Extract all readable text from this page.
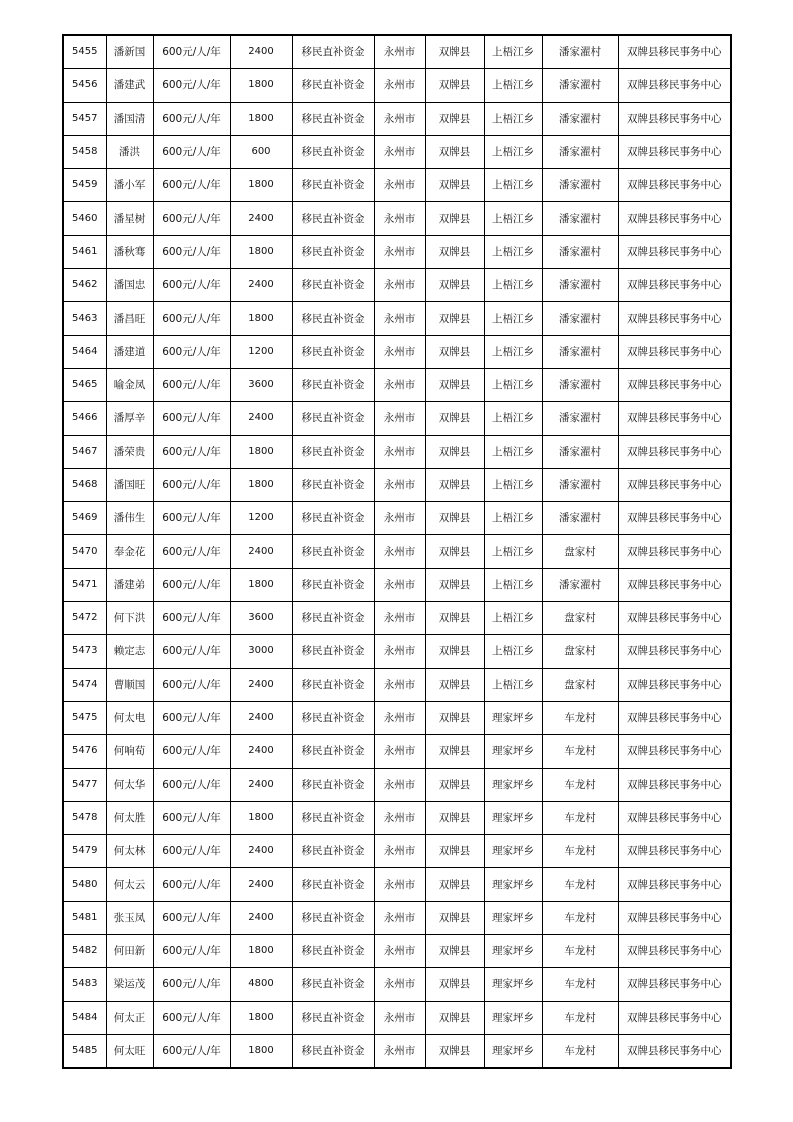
5455	潘新国	600元/人/年	2400	移民直补资金	永州市	双牌县	上梧江乡	潘家濯村	双牌县移民事务中心
5456	潘建武	600元/人/年	1800	移民直补资金	永州市	双牌县	上梧江乡	潘家濯村	双牌县移民事务中心
5457	潘国清	600元/人/年	1800	移民直补资金	永州市	双牌县	上梧江乡	潘家濯村	双牌县移民事务中心
5458	潘洪	600元/人/年	600	移民直补资金	永州市	双牌县	上梧江乡	潘家濯村	双牌县移民事务中心
5459	潘小军	600元/人/年	1800	移民直补资金	永州市	双牌县	上梧江乡	潘家濯村	双牌县移民事务中心
5460	潘星树	600元/人/年	2400	移民直补资金	永州市	双牌县	上梧江乡	潘家濯村	双牌县移民事务中心
5461	潘秋骞	600元/人/年	1800	移民直补资金	永州市	双牌县	上梧江乡	潘家濯村	双牌县移民事务中心
5462	潘国忠	600元/人/年	2400	移民直补资金	永州市	双牌县	上梧江乡	潘家濯村	双牌县移民事务中心
5463	潘昌旺	600元/人/年	1800	移民直补资金	永州市	双牌县	上梧江乡	潘家濯村	双牌县移民事务中心
5464	潘建道	600元/人/年	1200	移民直补资金	永州市	双牌县	上梧江乡	潘家濯村	双牌县移民事务中心
5465	喻金凤	600元/人/年	3600	移民直补资金	永州市	双牌县	上梧江乡	潘家濯村	双牌县移民事务中心
5466	潘厚辛	600元/人/年	2400	移民直补资金	永州市	双牌县	上梧江乡	潘家濯村	双牌县移民事务中心
5467	潘荣贵	600元/人/年	1800	移民直补资金	永州市	双牌县	上梧江乡	潘家濯村	双牌县移民事务中心
5468	潘国旺	600元/人/年	1800	移民直补资金	永州市	双牌县	上梧江乡	潘家濯村	双牌县移民事务中心
5469	潘伟生	600元/人/年	1200	移民直补资金	永州市	双牌县	上梧江乡	潘家濯村	双牌县移民事务中心
5470	奉金花	600元/人/年	2400	移民直补资金	永州市	双牌县	上梧江乡	盘家村	双牌县移民事务中心
5471	潘建弟	600元/人/年	1800	移民直补资金	永州市	双牌县	上梧江乡	潘家濯村	双牌县移民事务中心
5472	何下洪	600元/人/年	3600	移民直补资金	永州市	双牌县	上梧江乡	盘家村	双牌县移民事务中心
5473	赖定志	600元/人/年	3000	移民直补资金	永州市	双牌县	上梧江乡	盘家村	双牌县移民事务中心
5474	曹顺国	600元/人/年	2400	移民直补资金	永州市	双牌县	上梧江乡	盘家村	双牌县移民事务中心
5475	何太电	600元/人/年	2400	移民直补资金	永州市	双牌县	理家坪乡	车龙村	双牌县移民事务中心
5476	何响荀	600元/人/年	2400	移民直补资金	永州市	双牌县	理家坪乡	车龙村	双牌县移民事务中心
5477	何太华	600元/人/年	2400	移民直补资金	永州市	双牌县	理家坪乡	车龙村	双牌县移民事务中心
5478	何太胜	600元/人/年	1800	移民直补资金	永州市	双牌县	理家坪乡	车龙村	双牌县移民事务中心
5479	何太林	600元/人/年	2400	移民直补资金	永州市	双牌县	理家坪乡	车龙村	双牌县移民事务中心
5480	何太云	600元/人/年	2400	移民直补资金	永州市	双牌县	理家坪乡	车龙村	双牌县移民事务中心
5481	张玉凤	600元/人/年	2400	移民直补资金	永州市	双牌县	理家坪乡	车龙村	双牌县移民事务中心
5482	何田新	600元/人/年	1800	移民直补资金	永州市	双牌县	理家坪乡	车龙村	双牌县移民事务中心
5483	梁运茂	600元/人/年	4800	移民直补资金	永州市	双牌县	理家坪乡	车龙村	双牌县移民事务中心
5484	何太正	600元/人/年	1800	移民直补资金	永州市	双牌县	理家坪乡	车龙村	双牌县移民事务中心
5485	何太旺	600元/人/年	1800	移民直补资金	永州市	双牌县	理家坪乡	车龙村	双牌县移民事务中心
